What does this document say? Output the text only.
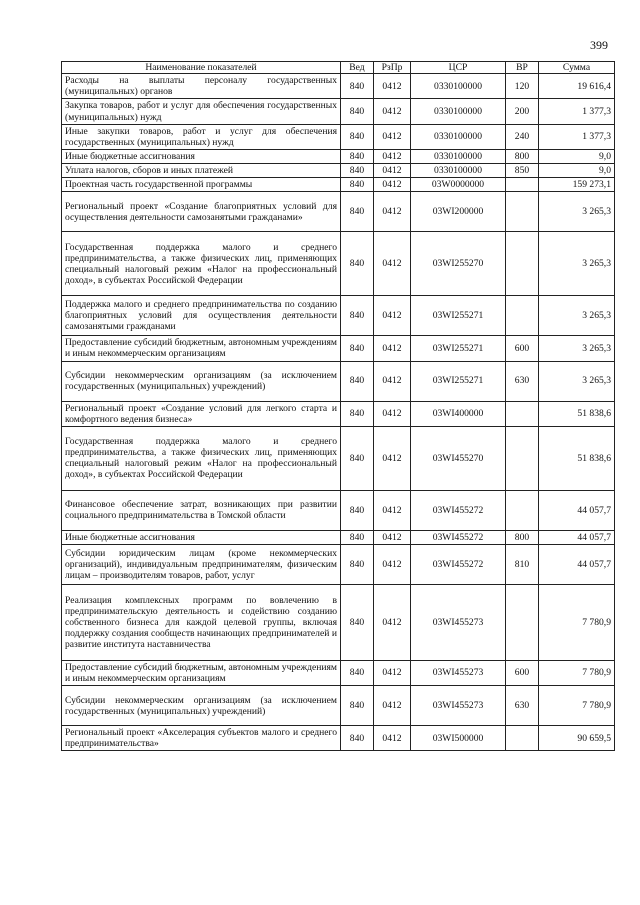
399
Наименование показателей	Вед	РзПр	ЦСР	ВР	Сумма
Расходы на выплаты персоналу государственных (муниципальных) органов	840	0412	0330100000	120	19 616,4
Закупка товаров, работ и услуг для обеспечения государственных (муниципальных) нужд	840	0412	0330100000	200	1 377,3
Иные закупки товаров, работ и услуг для обеспечения государственных (муниципальных) нужд	840	0412	0330100000	240	1 377,3
Иные бюджетные ассигнования	840	0412	0330100000	800	9,0
Уплата налогов, сборов и иных платежей	840	0412	0330100000	850	9,0
Проектная часть государственной программы	840	0412	03W0000000		159 273,1
Региональный проект «Создание благоприятных условий для осуществления деятельности самозанятыми гражданами»	840	0412	03WI200000		3 265,3
Государственная поддержка малого и среднего предпринимательства, а также физических лиц, применяющих специальный налоговый режим «Налог на профессиональный доход», в субъектах Российской Федерации	840	0412	03WI255270		3 265,3
Поддержка малого и среднего предпринимательства по созданию благоприятных условий для осуществления деятельности самозанятыми гражданами	840	0412	03WI255271		3 265,3
Предоставление субсидий бюджетным, автономным учреждениям и иным некоммерческим организациям	840	0412	03WI255271	600	3 265,3
Субсидии некоммерческим организациям (за исключением государственных (муниципальных) учреждений)	840	0412	03WI255271	630	3 265,3
Региональный проект «Создание условий для легкого старта и комфортного ведения бизнеса»	840	0412	03WI400000		51 838,6
Государственная поддержка малого и среднего предпринимательства, а также физических лиц, применяющих специальный налоговый режим «Налог на профессиональный доход», в субъектах Российской Федерации	840	0412	03WI455270		51 838,6
Финансовое обеспечение затрат, возникающих при развитии социального предпринимательства в Томской области	840	0412	03WI455272		44 057,7
Иные бюджетные ассигнования	840	0412	03WI455272	800	44 057,7
Субсидии юридическим лицам (кроме некоммерческих организаций), индивидуальным предпринимателям, физическим лицам – производителям товаров, работ, услуг	840	0412	03WI455272	810	44 057,7
Реализация комплексных программ по вовлечению в предпринимательскую деятельность и содействию созданию собственного бизнеса для каждой целевой группы, включая поддержку создания сообществ начинающих предпринимателей и развитие института наставничества	840	0412	03WI455273		7 780,9
Предоставление субсидий бюджетным, автономным учреждениям и иным некоммерческим организациям	840	0412	03WI455273	600	7 780,9
Субсидии некоммерческим организациям (за исключением государственных (муниципальных) учреждений)	840	0412	03WI455273	630	7 780,9
Региональный проект «Акселерация субъектов малого и среднего предпринимательства»	840	0412	03WI500000		90 659,5
